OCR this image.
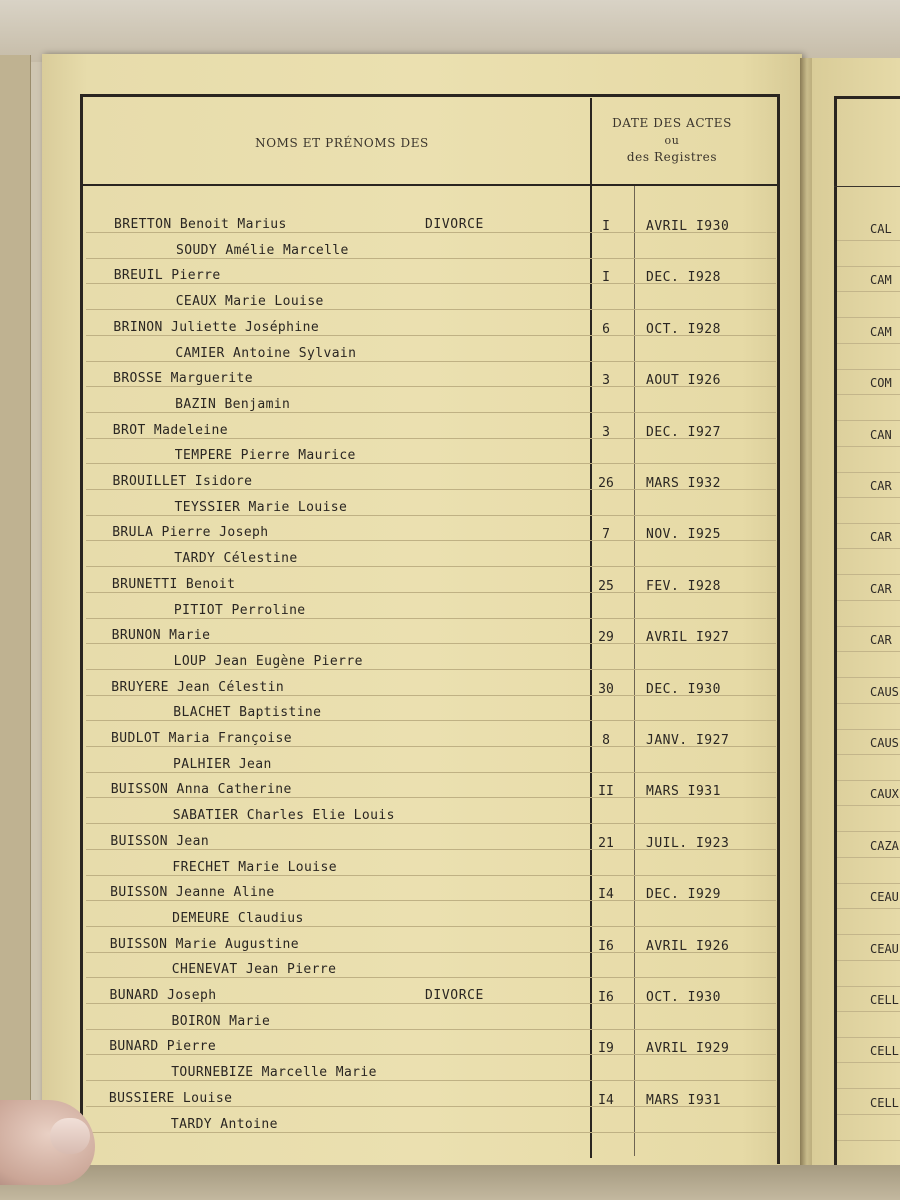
NOMS ET PRÉNOMS DES
DATE DES ACTES
ou
des Registres
BRETTON Benoit Marius
SOUDY Amélie Marcelle
DIVORCE	I	AVRIL I930
BREUIL Pierre
CEAUX Marie Louise
I	DEC. I928
BRINON Juliette Joséphine
CAMIER Antoine Sylvain
6	OCT. I928
BROSSE Marguerite
BAZIN Benjamin
3	AOUT I926
BROT Madeleine
TEMPERE Pierre Maurice
3	DEC. I927
BROUILLET Isidore
TEYSSIER Marie Louise
26	MARS I932
BRULA Pierre Joseph
TARDY Célestine
7	NOV. I925
BRUNETTI Benoit
PITIOT Perroline
25	FEV. I928
BRUNON Marie
LOUP Jean Eugène Pierre
29	AVRIL I927
BRUYERE Jean Célestin
BLACHET Baptistine
30	DEC. I930
BUDLOT Maria Françoise
PALHIER Jean
8	JANV. I927
BUISSON Anna Catherine
SABATIER Charles Elie Louis
II	MARS I931
BUISSON Jean
FRECHET Marie Louise
21	JUIL. I923
BUISSON Jeanne Aline
DEMEURE Claudius
I4	DEC. I929
BUISSON Marie Augustine
CHENEVAT Jean Pierre
I6	AVRIL I926
BUNARD Joseph
BOIRON Marie
DIVORCE	I6	OCT. I930
BUNARD Pierre
TOURNEBIZE Marcelle Marie
I9	AVRIL I929
BUSSIERE Louise
TARDY Antoine
I4	MARS I931
CAL
CAM
CAM
COM
CAN
CAR
CAR
CAR
CAR
CAUS
CAUS
CAUX
CAZA
CEAU
CEAU
CELL
CELL
CELL
